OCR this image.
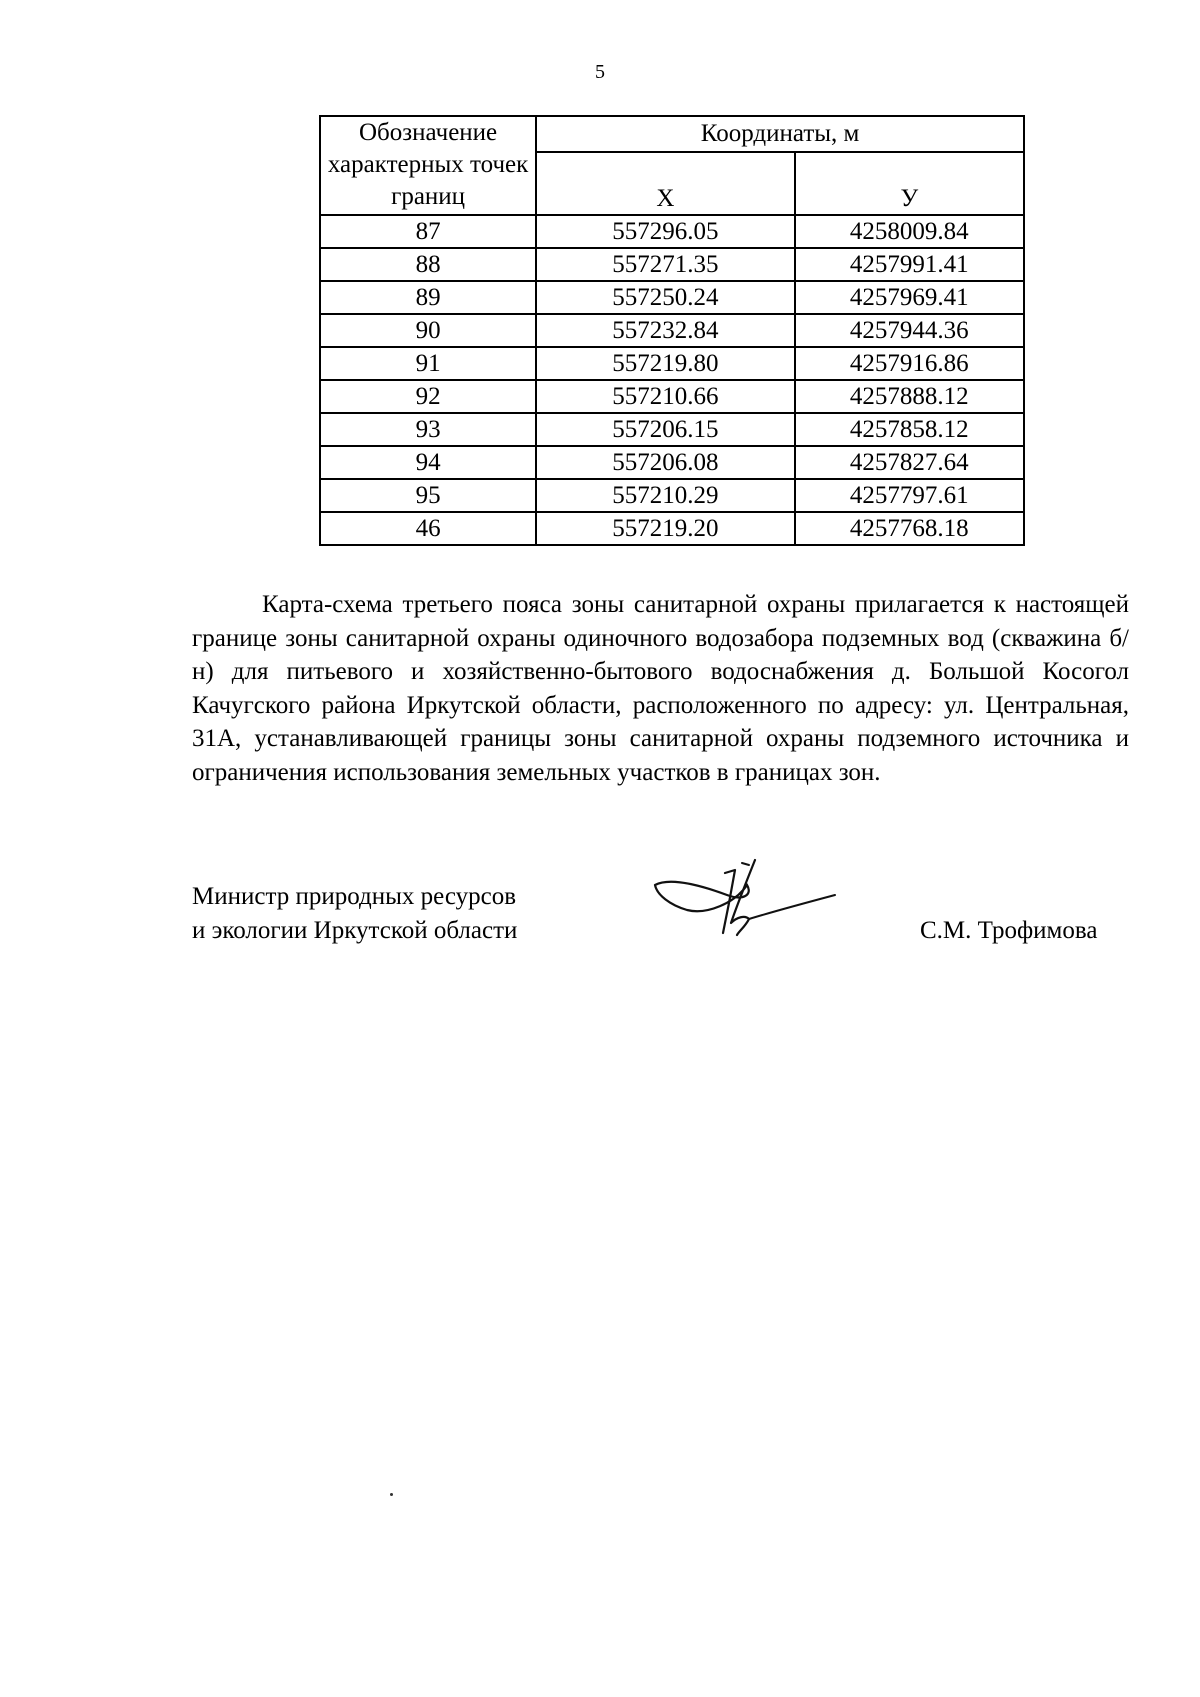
5
Обозначение характерных точек границ	Координаты, м	
	Х	У
87	557296.05	4258009.84
88	557271.35	4257991.41
89	557250.24	4257969.41
90	557232.84	4257944.36
91	557219.80	4257916.86
92	557210.66	4257888.12
93	557206.15	4257858.12
94	557206.08	4257827.64
95	557210.29	4257797.61
46	557219.20	4257768.18

Карта-схема третьего пояса зоны санитарной охраны прилагается к настоящей границе зоны санитарной охраны одиночного водозабора подземных вод (скважина б/н) для питьевого и хозяйственно-бытового водоснабжения д. Большой Косогол Качугского района Иркутской области, расположенного по адресу: ул. Центральная, 31А, устанавливающей границы зоны санитарной охраны подземного источника и ограничения использования земельных участков в границах зон.

Министр природных ресурсов
и экологии Иркутской области	С.М. Трофимова
